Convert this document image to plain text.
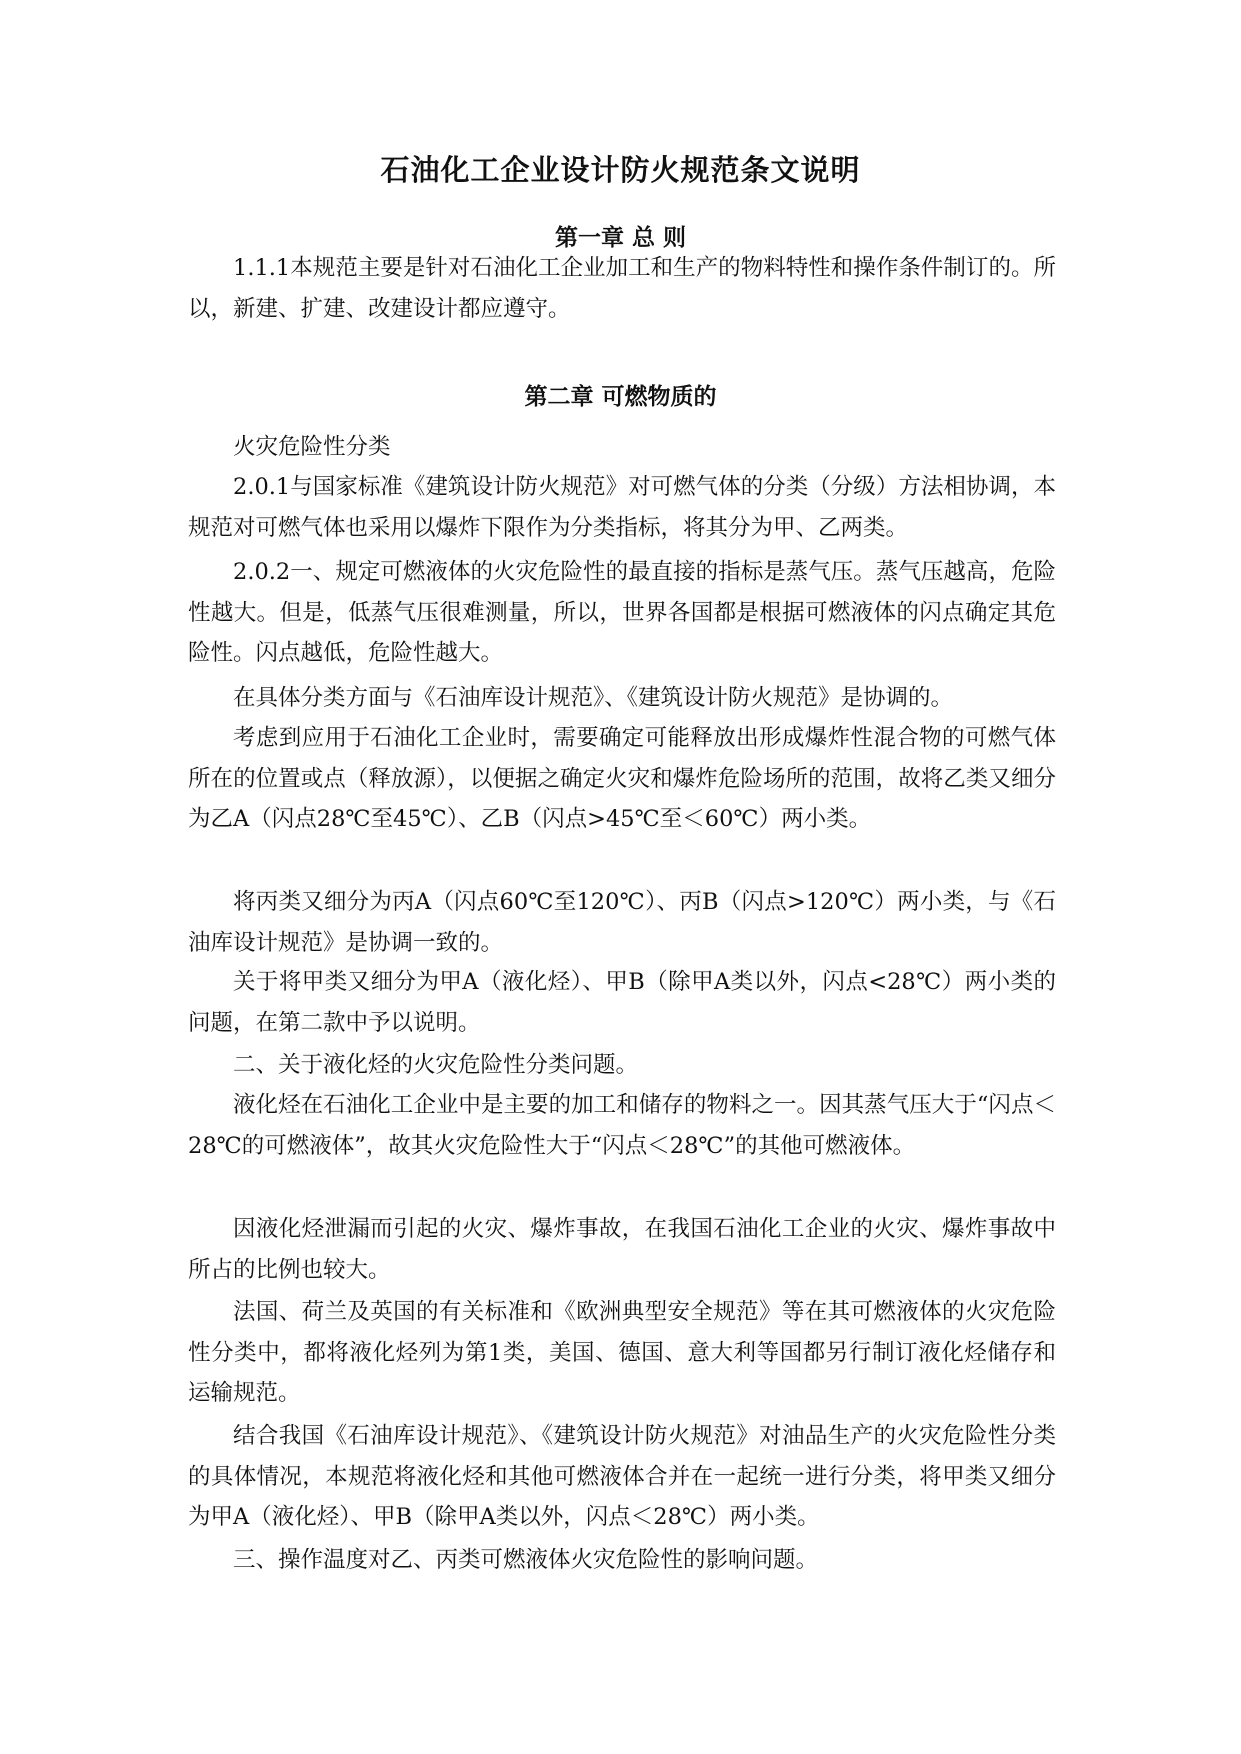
石油化工企业设计防火规范条文说明
第一章 总 则

1.1.1本规范主要是针对石油化工企业加工和生产的物料特性和操作条件制订的。所以，新建、扩建、改建设计都应遵守。

第二章 可燃物质的

火灾危险性分类

2.0.1与国家标准《建筑设计防火规范》对可燃气体的分类（分级）方法相协调，本规范对可燃气体也采用以爆炸下限作为分类指标，将其分为甲、乙两类。

2.0.2一、规定可燃液体的火灾危险性的最直接的指标是蒸气压。蒸气压越高，危险性越大。但是，低蒸气压很难测量，所以，世界各国都是根据可燃液体的闪点确定其危险性。闪点越低，危险性越大。

在具体分类方面与《石油库设计规范》、《建筑设计防火规范》是协调的。

考虑到应用于石油化工企业时，需要确定可能释放出形成爆炸性混合物的可燃气体所在的位置或点（释放源），以便据之确定火灾和爆炸危险场所的范围，故将乙类又细分为乙A（闪点28℃至45℃）、乙B（闪点>45℃至＜60℃）两小类。

将丙类又细分为丙A（闪点60℃至120℃）、丙B（闪点>120℃）两小类，与《石油库设计规范》是协调一致的。

关于将甲类又细分为甲A（液化烃）、甲B（除甲A类以外，闪点<28℃）两小类的问题，在第二款中予以说明。

二、关于液化烃的火灾危险性分类问题。

液化烃在石油化工企业中是主要的加工和储存的物料之一。因其蒸气压大于“闪点＜28℃的可燃液体”，故其火灾危险性大于“闪点＜28℃”的其他可燃液体。

因液化烃泄漏而引起的火灾、爆炸事故，在我国石油化工企业的火灾、爆炸事故中所占的比例也较大。

法国、荷兰及英国的有关标准和《欧洲典型安全规范》等在其可燃液体的火灾危险性分类中，都将液化烃列为第1类，美国、德国、意大利等国都另行制订液化烃储存和运输规范。

结合我国《石油库设计规范》、《建筑设计防火规范》对油品生产的火灾危险性分类的具体情况，本规范将液化烃和其他可燃液体合并在一起统一进行分类，将甲类又细分为甲A（液化烃）、甲B（除甲A类以外，闪点＜28℃）两小类。

三、操作温度对乙、丙类可燃液体火灾危险性的影响问题。
